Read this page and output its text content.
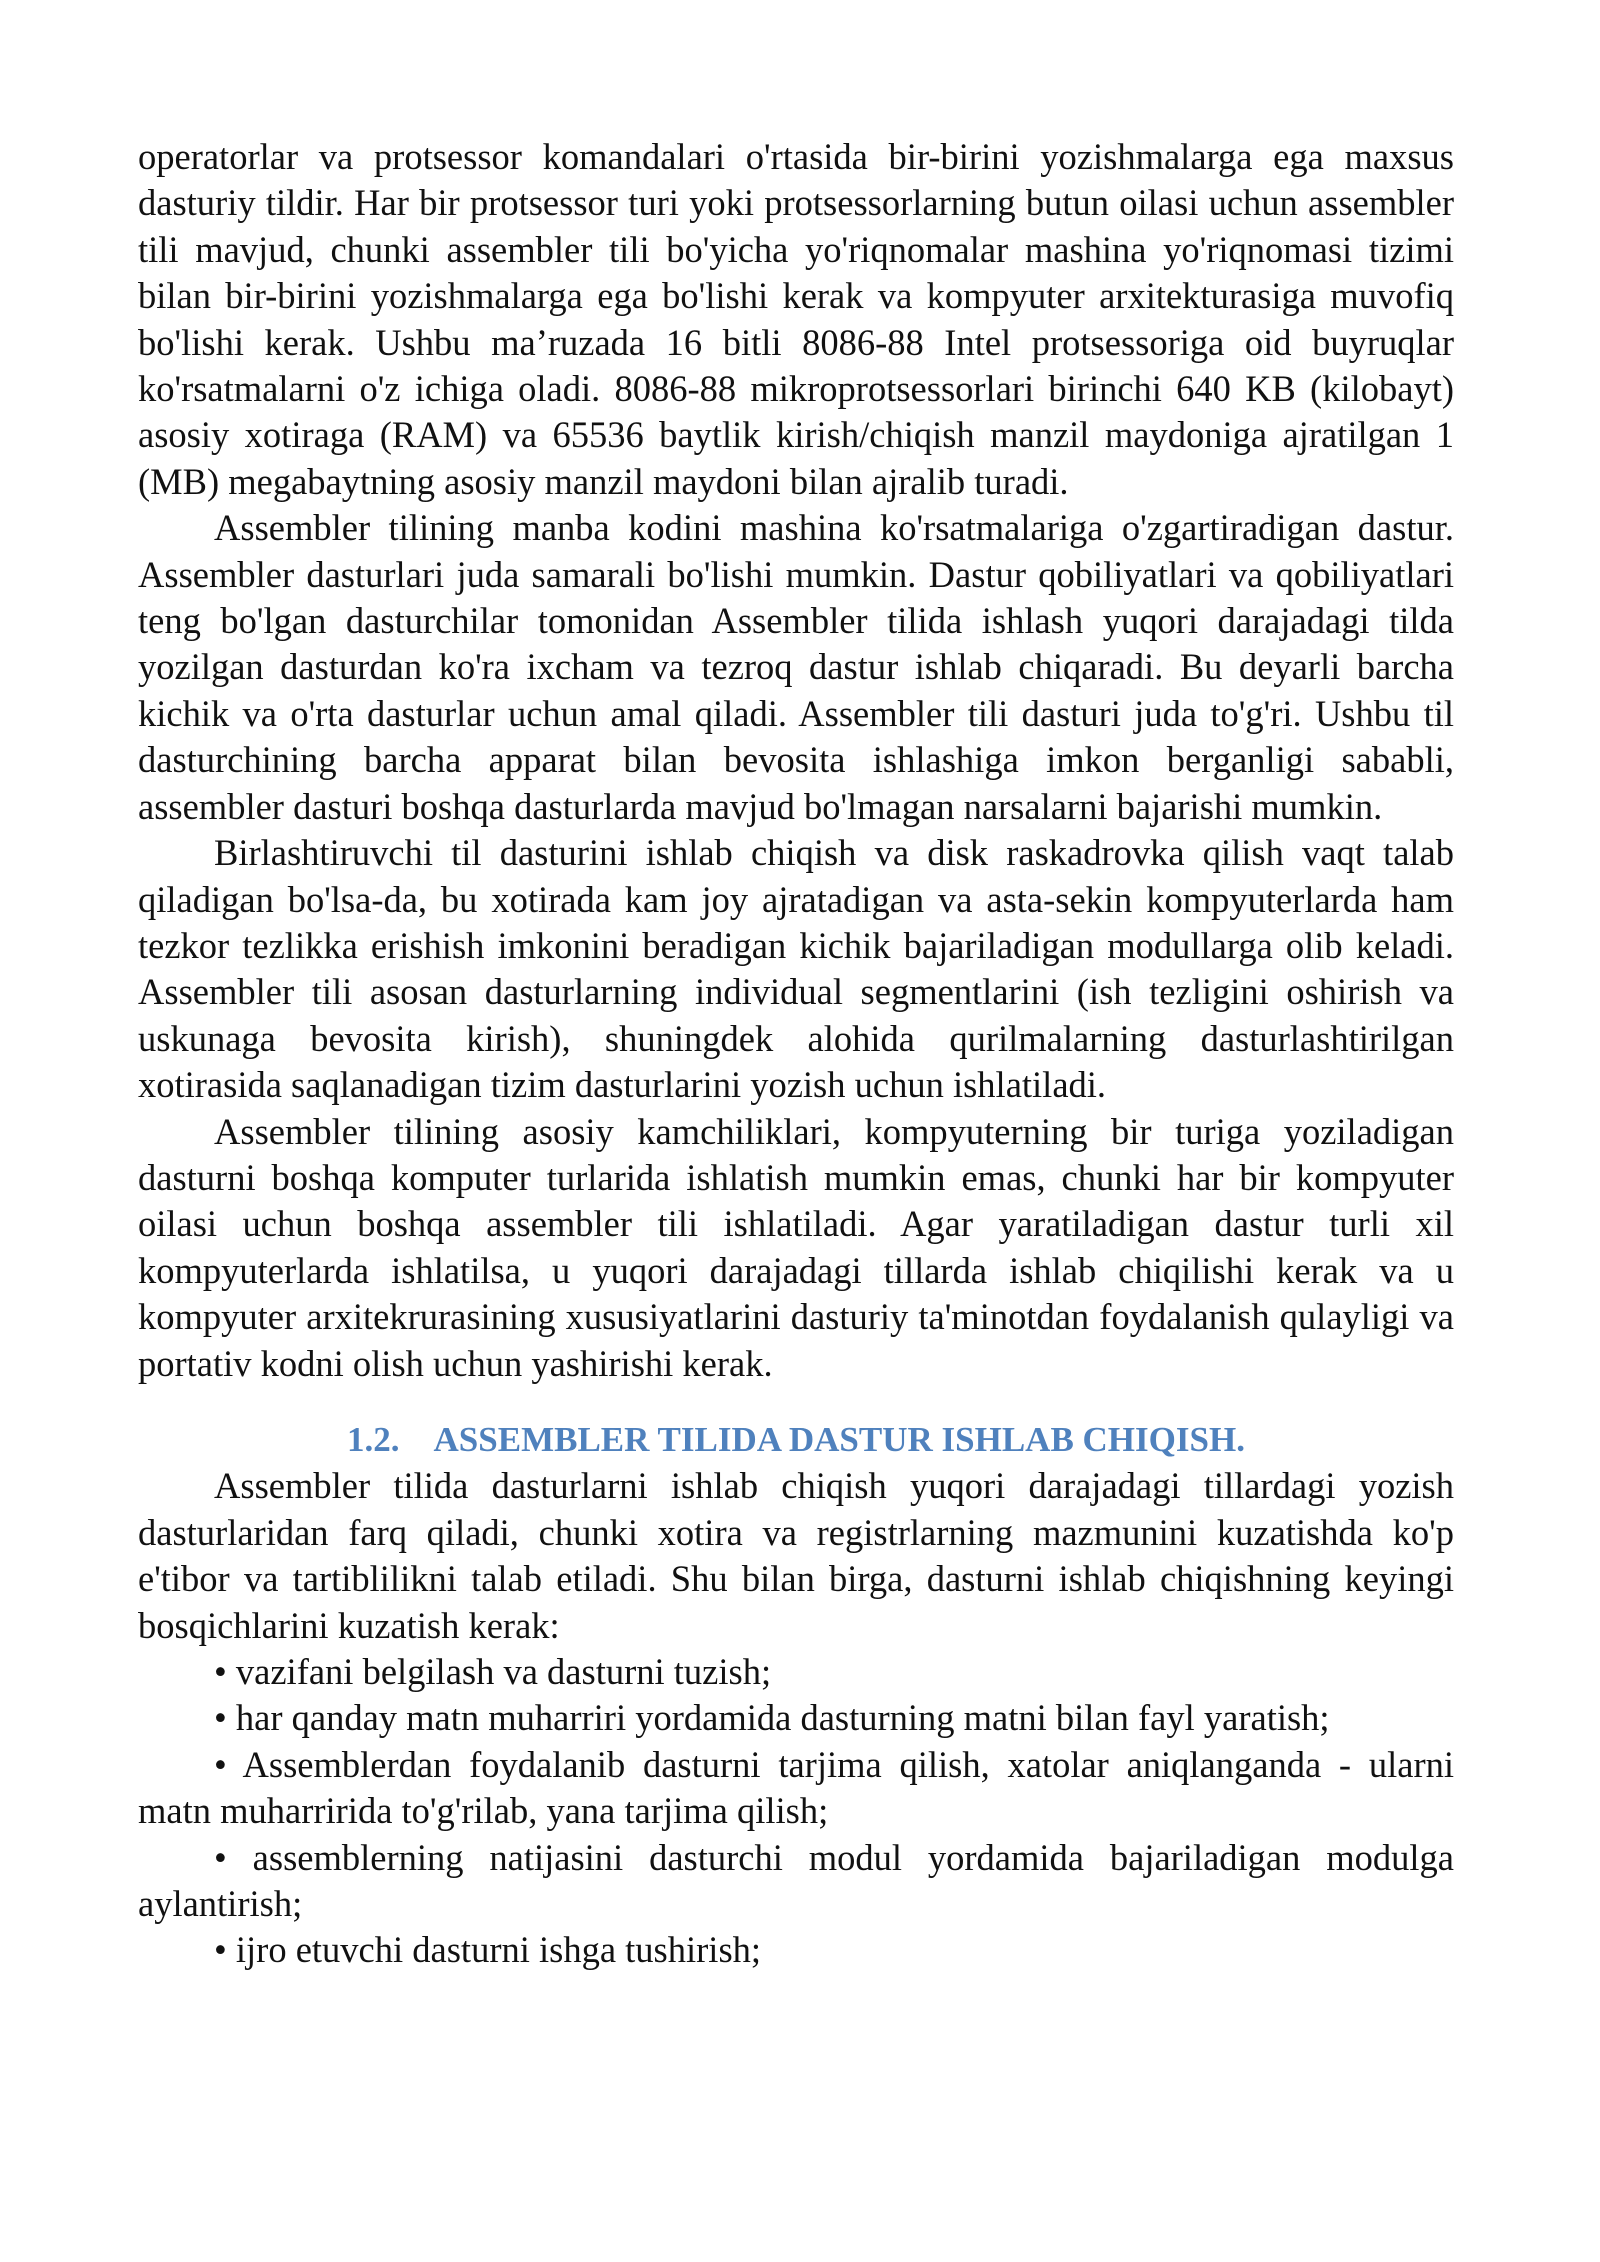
operatorlar va protsessor komandalari o'rtasida bir-birini yozishmalarga ega maxsus dasturiy tildir. Har bir protsessor turi yoki protsessorlarning butun oilasi uchun assembler tili mavjud, chunki assembler tili bo'yicha yo'riqnomalar mashina yo'riqnomasi tizimi bilan bir-birini yozishmalarga ega bo'lishi kerak va kompyuter arxitekturasiga muvofiq bo'lishi kerak. Ushbu ma’ruzada 16 bitli 8086-88 Intel protsessoriga oid buyruqlar ko'rsatmalarni o'z ichiga oladi. 8086-88 mikroprotsessorlari birinchi 640 KB (kilobayt) asosiy xotiraga (RAM) va 65536 baytlik kirish/chiqish manzil maydoniga ajratilgan 1 (MB) megabaytning asosiy manzil maydoni bilan ajralib turadi.

Assembler tilining manba kodini mashina ko'rsatmalariga o'zgartiradigan dastur. Assembler dasturlari juda samarali bo'lishi mumkin. Dastur qobiliyatlari va qobiliyatlari teng bo'lgan dasturchilar tomonidan Assembler tilida ishlash yuqori darajadagi tilda yozilgan dasturdan ko'ra ixcham va tezroq dastur ishlab chiqaradi. Bu deyarli barcha kichik va o'rta dasturlar uchun amal qiladi. Assembler tili dasturi juda to'g'ri. Ushbu til dasturchining barcha apparat bilan bevosita ishlashiga imkon berganligi sababli, assembler dasturi boshqa dasturlarda mavjud bo'lmagan narsalarni bajarishi mumkin.

Birlashtiruvchi til dasturini ishlab chiqish va disk raskadrovka qilish vaqt talab qiladigan bo'lsa-da, bu xotirada kam joy ajratadigan va asta-sekin kompyuterlarda ham tezkor tezlikka erishish imkonini beradigan kichik bajariladigan modullarga olib keladi. Assembler tili asosan dasturlarning individual segmentlarini (ish tezligini oshirish va uskunaga bevosita kirish), shuningdek alohida qurilmalarning dasturlashtirilgan xotirasida saqlanadigan tizim dasturlarini yozish uchun ishlatiladi.

Assembler tilining asosiy kamchiliklari, kompyuterning bir turiga yoziladigan dasturni boshqa komputer turlarida ishlatish mumkin emas, chunki har bir kompyuter oilasi uchun boshqa assembler tili ishlatiladi. Agar yaratiladigan dastur turli xil kompyuterlarda ishlatilsa, u yuqori darajadagi tillarda ishlab chiqilishi kerak va u kompyuter arxitekrurasining xususiyatlarini dasturiy ta'minotdan foydalanish qulayligi va portativ kodni olish uchun yashirishi kerak.

1.2. ASSEMBLER TILIDA DASTUR ISHLAB CHIQISH.

Assembler tilida dasturlarni ishlab chiqish yuqori darajadagi tillardagi yozish dasturlaridan farq qiladi, chunki xotira va registrlarning mazmunini kuzatishda ko'p e'tibor va tartiblilikni talab etiladi. Shu bilan birga, dasturni ishlab chiqishning keyingi bosqichlarini kuzatish kerak:

• vazifani belgilash va dasturni tuzish;

• har qanday matn muharriri yordamida dasturning matni bilan fayl yaratish;

• Assemblerdan foydalanib dasturni tarjima qilish, xatolar aniqlanganda - ularni matn muharririda to'g'rilab, yana tarjima qilish;

• assemblerning natijasini dasturchi modul yordamida bajariladigan modulga aylantirish;

• ijro etuvchi dasturni ishga tushirish;
